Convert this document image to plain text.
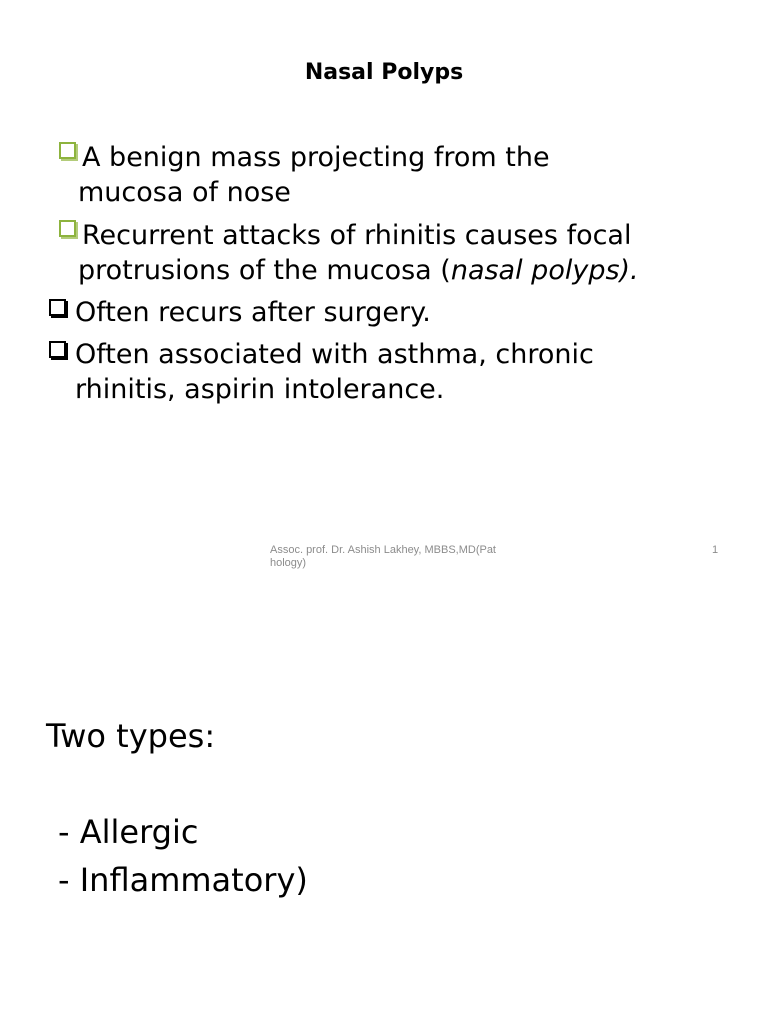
Nasal Polyps
A benign mass projecting from the
mucosa of nose
Recurrent attacks of rhinitis causes focal
protrusions of the mucosa (nasal polyps).
Often recurs after surgery.
Often associated with asthma, chronic
rhinitis, aspirin intolerance.
Assoc. prof. Dr. Ashish Lakhey, MBBS,MD(Pathology)
1
Two types:
- Allergic
- Inflammatory)
